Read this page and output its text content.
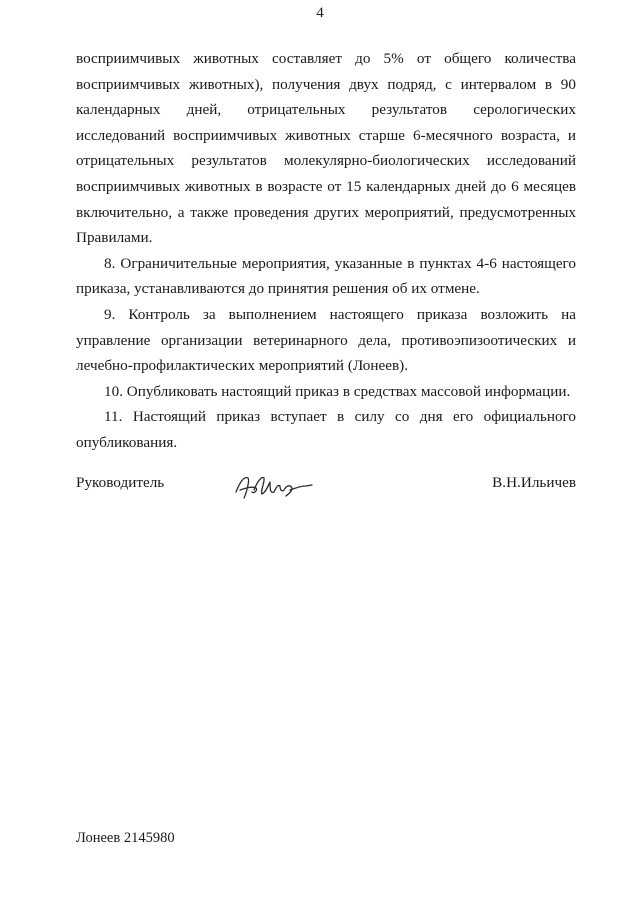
4

восприимчивых животных составляет до 5% от общего количества восприимчивых животных), получения двух подряд, с интервалом в 90 календарных дней, отрицательных результатов серологических исследований восприимчивых животных старше 6-месячного возраста, и отрицательных результатов молекулярно-биологических исследований восприимчивых животных в возрасте от 15 календарных дней до 6 месяцев включительно, а также проведения других мероприятий, предусмотренных Правилами.

8. Ограничительные мероприятия, указанные в пунктах 4-6 настоящего приказа, устанавливаются до принятия решения об их отмене.

9. Контроль за выполнением настоящего приказа возложить на управление организации ветеринарного дела, противоэпизоотических и лечебно-профилактических мероприятий (Лонеев).

10. Опубликовать настоящий приказ в средствах массовой информации.

11. Настоящий приказ вступает в силу со дня его официального опубликования.

Руководитель	В.Н.Ильичев
Лонеев 2145980
